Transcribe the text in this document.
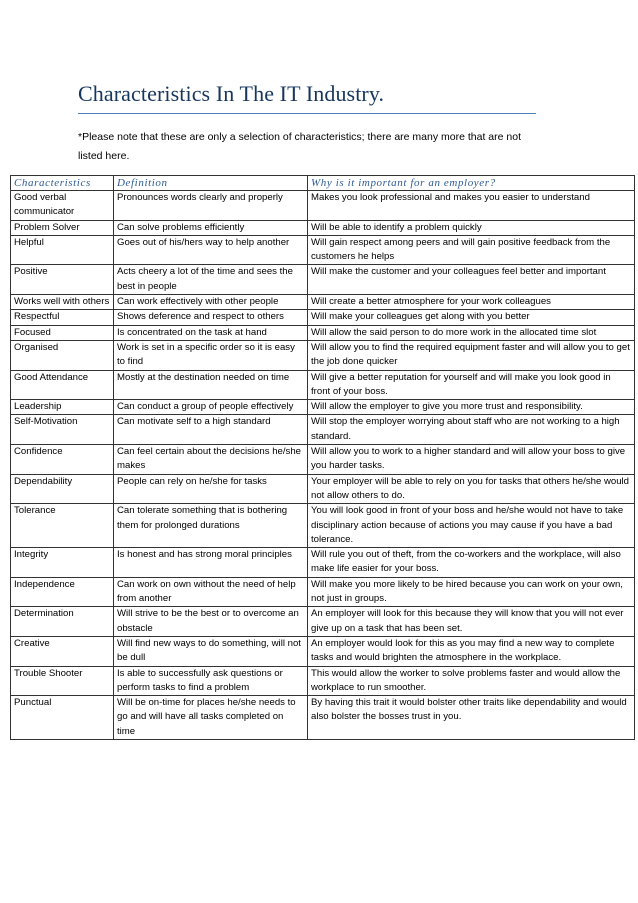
Characteristics In The IT Industry.
*Please note that these are only a selection of characteristics; there are many more that are not listed here.
Characteristics	Definition	Why is it important for an employer?
Good verbal communicator	Pronounces words clearly and properly	Makes you look professional and makes you easier to understand
Problem Solver	Can solve problems efficiently	Will be able to identify a problem quickly
Helpful	Goes out of his/hers way to help another	Will gain respect among peers and will gain positive feedback from the customers he helps
Positive	Acts cheery a lot of the time and sees the best in people	Will make the customer and your colleagues feel better and important
Works well with others	Can work effectively with other people	Will create a better atmosphere for your work colleagues
Respectful	Shows deference and respect to others	Will make your colleagues get along with you better
Focused	Is concentrated on the task at hand	Will allow the said person to do more work in the allocated time slot
Organised	Work is set in a specific order so it is easy to find	Will allow you to find the required equipment faster and will allow you to get the job done quicker
Good Attendance	Mostly at the destination needed on time	Will give a better reputation for yourself and will make you look good in front of your boss.
Leadership	Can conduct a group of people effectively	Will allow the employer to give you more trust and responsibility.
Self-Motivation	Can motivate self to a high standard	Will stop the employer worrying about staff who are not working to a high standard.
Confidence	Can feel certain about the decisions he/she makes	Will allow you to work to a higher standard and will allow your boss to give you harder tasks.
Dependability	People can rely on he/she for tasks	Your employer will be able to rely on you for tasks that others he/she would not allow others to do.
Tolerance	Can tolerate something that is bothering them for prolonged durations	You will look good in front of your boss and he/she would not have to take disciplinary action because of actions you may cause if you have a bad tolerance.
Integrity	Is honest and has strong moral principles	Will rule you out of theft, from the co-workers and the workplace, will also make life easier for your boss.
Independence	Can work on own without the need of help from another	Will make you more likely to be hired because you can work on your own, not just in groups.
Determination	Will strive to be the best or to overcome an obstacle	An employer will look for this because they will know that you will not ever give up on a task that has been set.
Creative	Will find new ways to do something, will not be dull	An employer would look for this as you may find a new way to complete tasks and would brighten the atmosphere in the workplace.
Trouble Shooter	Is able to successfully ask questions or perform tasks to find a problem	This would allow the worker to solve problems faster and would allow the workplace to run smoother.
Punctual	Will be on-time for places he/she needs to go and will have all tasks completed on time	By having this trait it would bolster other traits like dependability and would also bolster the bosses trust in you.
